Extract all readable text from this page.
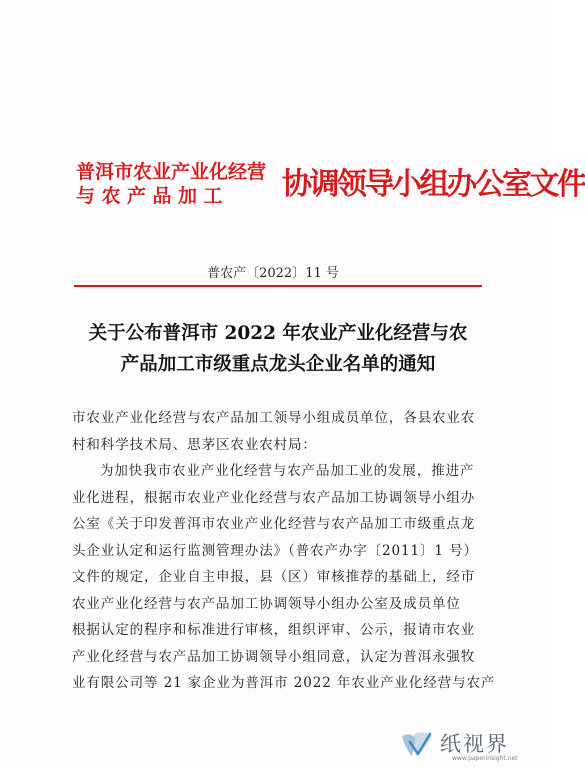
普洱市农业产业化经营
与农产品加工	协调领导小组办公室文件
普农产〔2022〕11 号
关于公布普洱市 2022 年农业产业化经营与农
产品加工市级重点龙头企业名单的通知
市农业产业化经营与农产品加工领导小组成员单位，各县农业农
村和科学技术局、思茅区农业农村局：
为加快我市农业产业化经营与农产品加工业的发展，推进产
业化进程，根据市农业产业化经营与农产品加工协调领导小组办
公室《关于印发普洱市农业产业化经营与农产品加工市级重点龙
头企业认定和运行监测管理办法》（普农产办字〔2011〕1 号）
文件的规定，企业自主申报，县（区）审核推荐的基础上，经市
农业产业化经营与农产品加工协调领导小组办公室及成员单位
根据认定的程序和标准进行审核，组织评审、公示，报请市农业
产业化经营与农产品加工协调领导小组同意，认定为普洱永强牧
业有限公司等 21 家企业为普洱市 2022 年农业产业化经营与农产
纸视界
www.paperinsight.net
